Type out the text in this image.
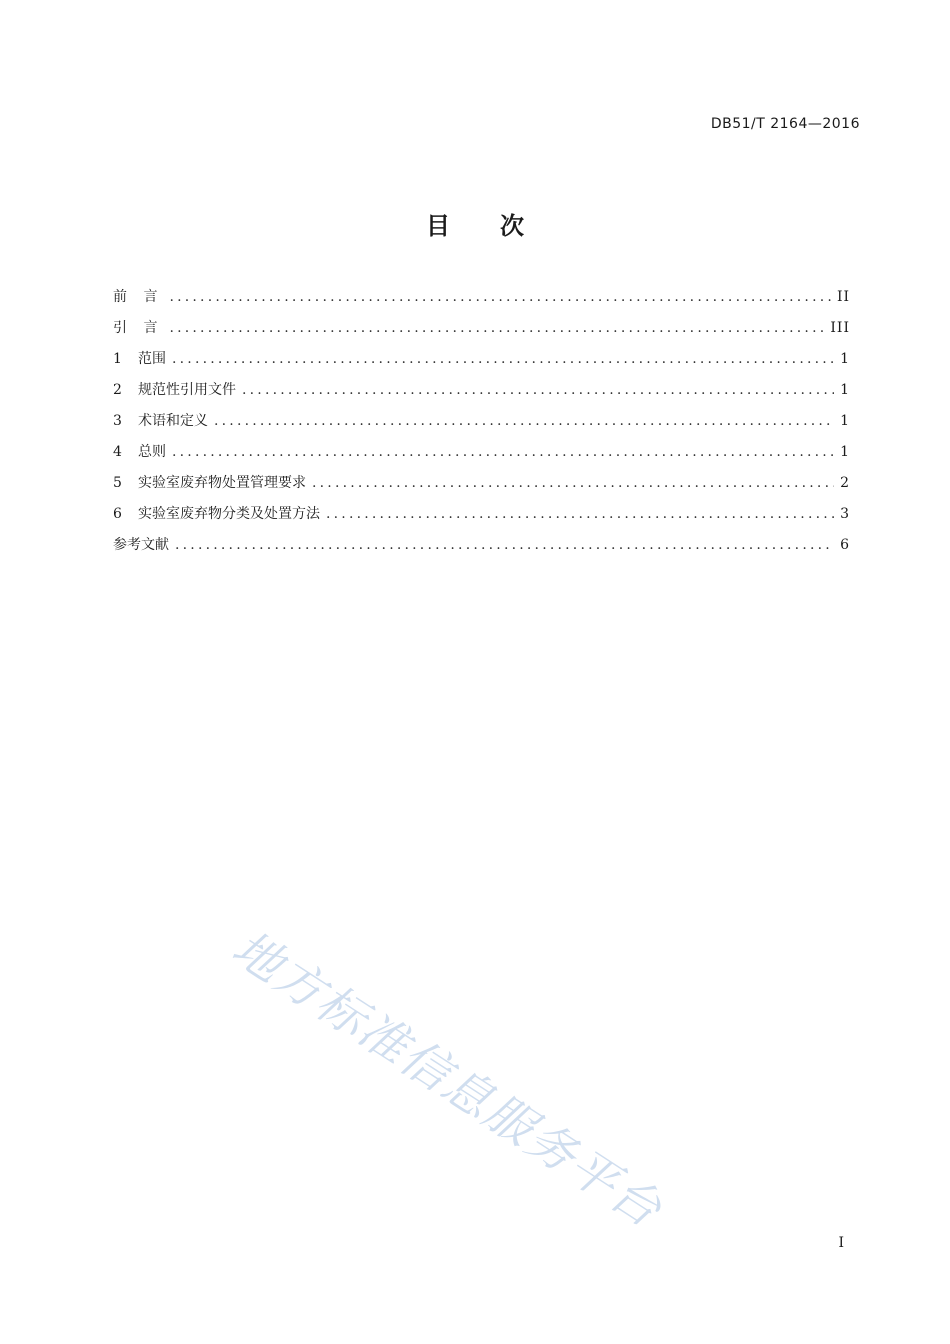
DB51/T 2164—2016
目次
前 言 .....	II
引 言 .....	III
1	范围 .....	1
2	规范性引用文件 .....	1
3	术语和定义 .....	1
4	总则 .....	1
5	实验室废弃物处置管理要求 .....	2
6	实验室废弃物分类及处置方法 .....	3
参考文献 .....	6
地方标准信息服务平台
I
